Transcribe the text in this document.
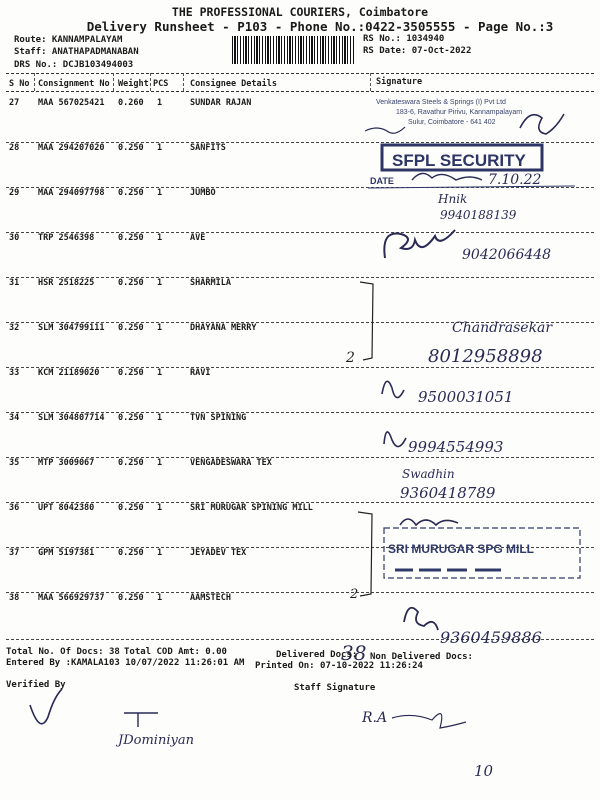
THE PROFESSIONAL COURIERS, Coimbatore
Delivery Runsheet - P103 - Phone No.:0422-3505555 - Page No.:3
Route: KANNAMPALAYAM
Staff: ANATHAPADMANABAN
DRS No.: DCJB103494003
RS No.: 1034940
RS Date: 07-Oct-2022
S No Consignment No Weight PCS	Consignee Details	Signature
27 MAA 567025421 0.260 1	SUNDAR RAJAN
28 MAA 294207020 0.250 1	SANFITS
29 MAA 294097798 0.250 1	JUMBO
30 TRP 2546398	0.250 1	AVE
31 HSR 2518225	0.250 1	SHARMILA
32 SLM 304799111 0.250 1	DHAYANA MERRY
33 KCM 21189020 0.250 1	RAVI
34 SLM 304807714 0.250 1	TVN SPINING
35 MTP 3009067	0.250 1	VENGADESWARA TEX
36 UPT 8042380	0.250 1	SRI MURUGAR SPINING MILL
37 GPM 5197381	0.250 1	JEYADEV TEX
38 MAA 566929737 0.250 1	AAMSTECH
Venkateswara Steels & Springs (I) Pvt Ltd
183-6, Ravathur Pirivu, Kannampalayam
Sulur, Coimbatore - 641 402
SFPL SECURITY
DATE	7.10.22
Hnik
9940188139
9042066448
2
Chandrasekar
8012958898
9500031051
9994554993
Swadhin
9360418789
2
SRI MURUGAR SPG MILL
9360459886
38
JDominiyan
R.A
10
Total No. Of Docs: 38 Total COD Amt: 0.00	Delivered Docs: Non Delivered Docs:
Entered By :KAMALA103 10/07/2022 11:26:01 AM Printed On: 07-10-2022 11:26:24
Verified By	Staff Signature
